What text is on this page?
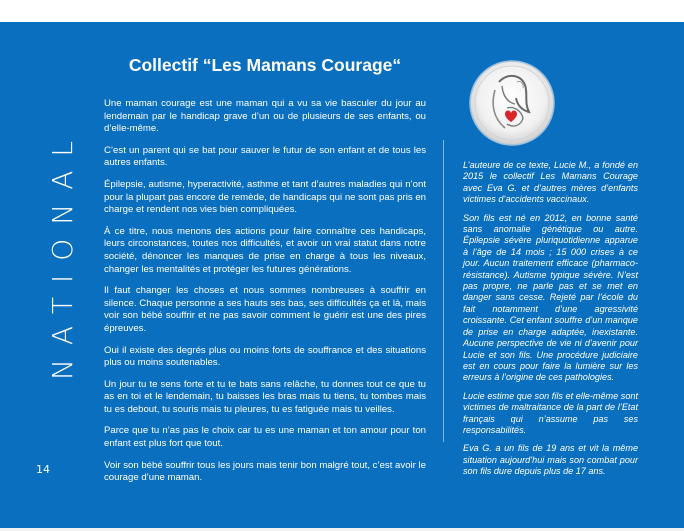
NATIONAL
Collectif “Les Mamans Courage“

Une maman courage est une maman qui a vu sa vie basculer du jour au lendemain par le handicap grave d’un ou de plusieurs de ses enfants, ou d’elle-même.

C’est un parent qui se bat pour sauver le futur de son enfant et de tous les autres enfants.

Épilepsie, autisme, hyperactivité, asthme et tant d’autres maladies qui n’ont pour la plupart pas encore de remède, de handicaps qui ne sont pas pris en charge et rendent nos vies bien compliquées.

À ce titre, nous menons des actions pour faire connaître ces handicaps, leurs circonstances, toutes nos difficultés, et avoir un vrai statut dans notre société, dénoncer les manques de prise en charge à tous les niveaux, changer les mentalités et protéger les futures générations.

Il faut changer les choses et nous sommes nombreuses à souffrir en silence. Chaque personne a ses hauts ses bas, ses difficultés ça et là, mais voir son bébé souffrir et ne pas savoir comment le guérir est une des pires épreuves.

Oui il existe des degrés plus ou moins forts de souffrance et des situations plus ou moins soutenables.

Un jour tu te sens forte et tu te bats sans relâche, tu donnes tout ce que tu as en toi et le lendemain, tu baisses les bras mais tu tiens, tu tombes mais tu es debout, tu souris mais tu pleures, tu es fatiguée mais tu veilles.

Parce que tu n’as pas le choix car tu es une maman et ton amour pour ton enfant est plus fort que tout.

Voir son bébé souffrir tous les jours mais tenir bon malgré tout, c’est avoir le courage d’une maman.

L’auteure de ce texte, Lucie M., a fondé en 2015 le collectif Les Mamans Courage avec Eva G. et d’autres mères d’enfants victimes d’accidents vaccinaux.

Son fils est né en 2012, en bonne santé sans anomalie génétique ou autre. Épilepsie sévère pluriquotidienne apparue à l’âge de 14 mois ; 15 000 crises à ce jour. Aucun traitement efficace (pharmaco-résistance). Autisme typique sévère. N’est pas propre, ne parle pas et se met en danger sans cesse. Rejeté par l’école du fait notamment d’une agressivité croissante. Cet enfant souffre d’un manque de prise en charge adaptée, inexistante. Aucune perspective de vie ni d’avenir pour Lucie et son fils. Une procédure judiciaire est en cours pour faire la lumière sur les erreurs à l’origine de ces pathologies.

Lucie estime que son fils et elle-même sont victimes de maltraitance de la part de l’Etat français qui n’assume pas ses responsabilités.

Eva G. a un fils de 19 ans et vit la même situation aujourd’hui mais son combat pour son fils dure depuis plus de 17 ans.

14
